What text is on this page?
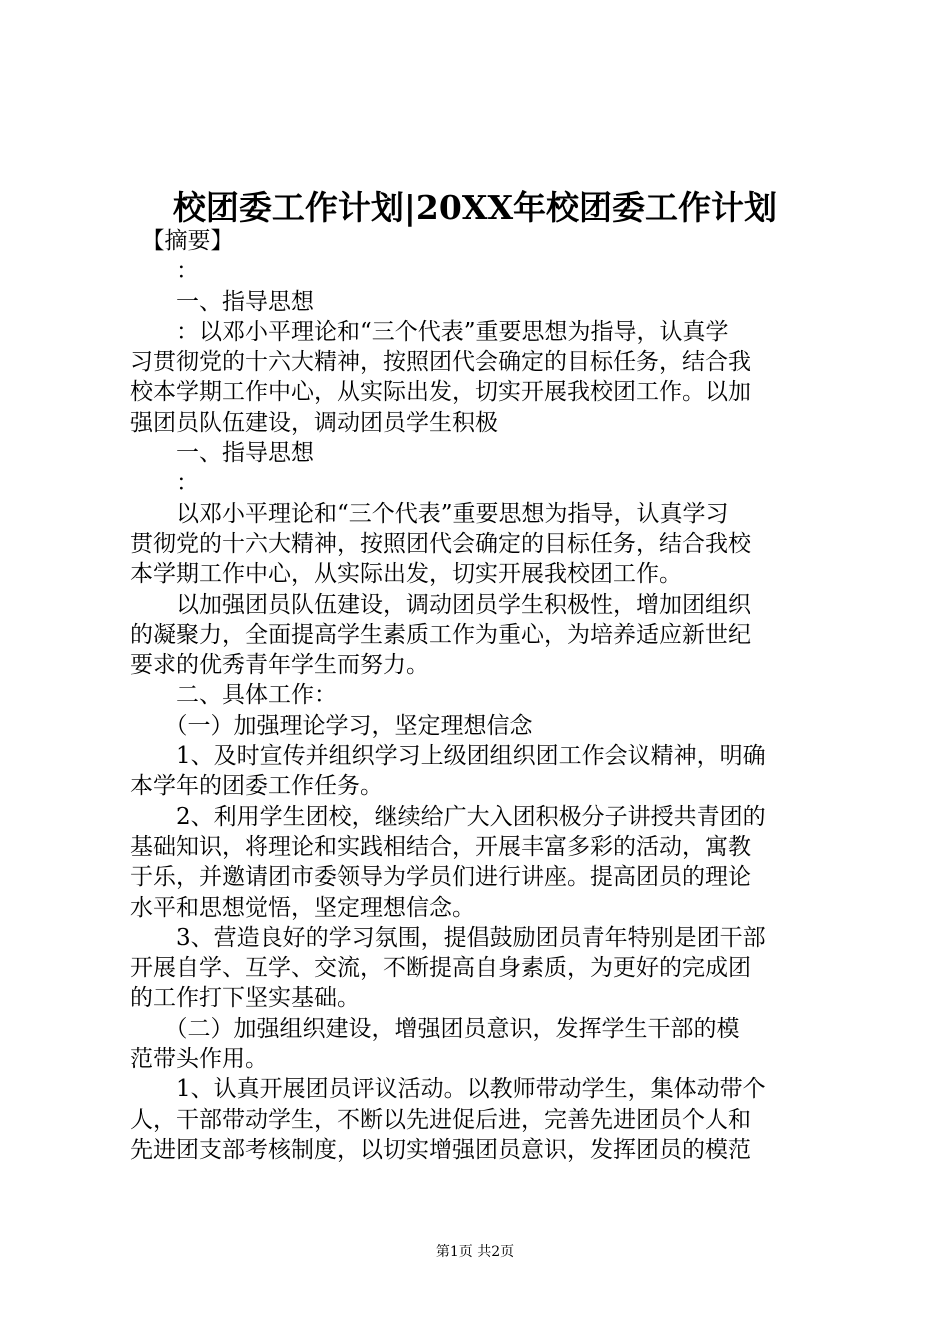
校团委工作计划|20XX年校团委工作计划

　【摘要】

　　：

　　一、指导思想

　　：以邓小平理论和“三个代表”重要思想为指导，认真学

习贯彻党的十六大精神，按照团代会确定的目标任务，结合我

校本学期工作中心，从实际出发，切实开展我校团工作。以加

强团员队伍建设，调动团员学生积极

　　一、指导思想

　　：

　　以邓小平理论和“三个代表”重要思想为指导，认真学习

贯彻党的十六大精神，按照团代会确定的目标任务，结合我校

本学期工作中心，从实际出发，切实开展我校团工作。

　　以加强团员队伍建设，调动团员学生积极性，增加团组织

的凝聚力，全面提高学生素质工作为重心，为培养适应新世纪

要求的优秀青年学生而努力。

　　二、具体工作：

　　（一）加强理论学习，坚定理想信念

　　1、及时宣传并组织学习上级团组织团工作会议精神，明确

本学年的团委工作任务。

　　2、利用学生团校，继续给广大入团积极分子讲授共青团的

基础知识，将理论和实践相结合，开展丰富多彩的活动，寓教

于乐，并邀请团市委领导为学员们进行讲座。提高团员的理论

水平和思想觉悟，坚定理想信念。

　　3、营造良好的学习氛围，提倡鼓励团员青年特别是团干部

开展自学、互学、交流，不断提高自身素质，为更好的完成团

的工作打下坚实基础。

　　（二）加强组织建设，增强团员意识，发挥学生干部的模

范带头作用。

　　1、认真开展团员评议活动。以教师带动学生，集体动带个

人，干部带动学生，不断以先进促后进，完善先进团员个人和

先进团支部考核制度，以切实增强团员意识，发挥团员的模范

第1页 共2页
